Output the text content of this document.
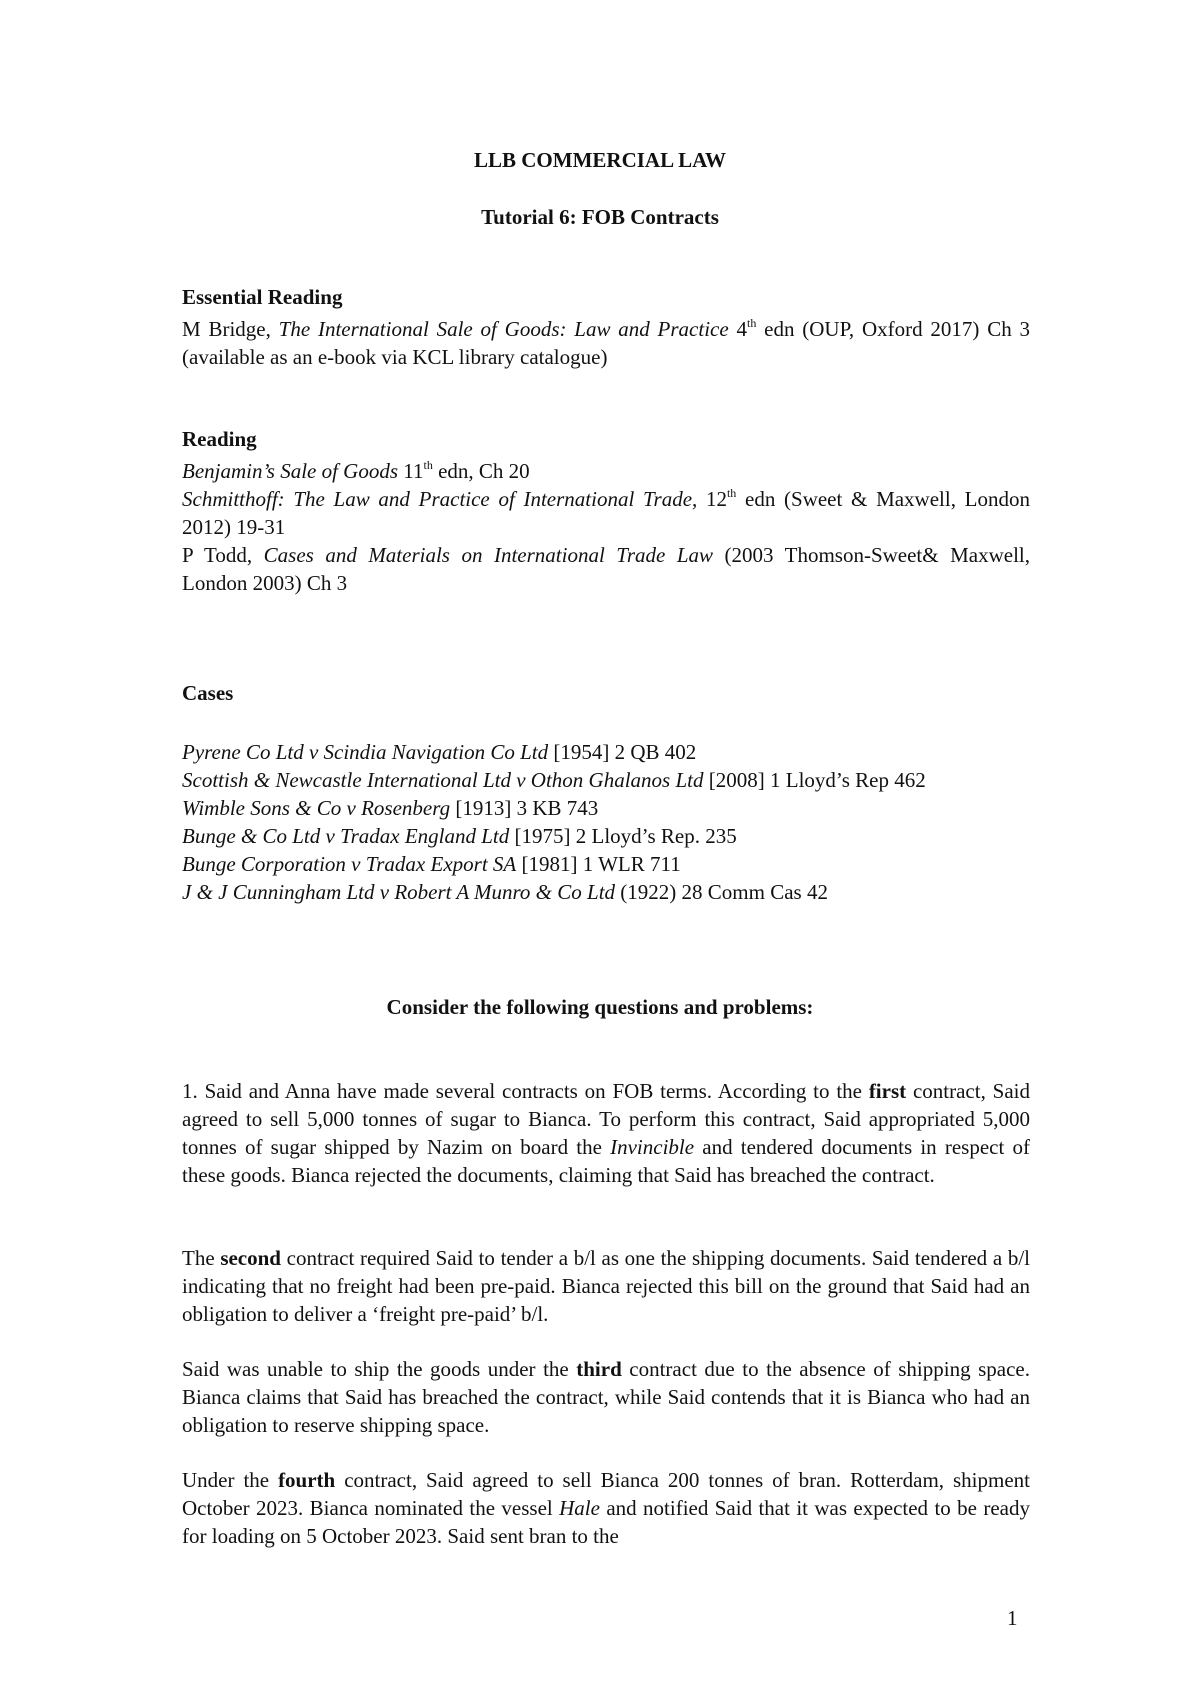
LLB COMMERCIAL LAW
Tutorial 6: FOB Contracts
Essential Reading
M Bridge, The International Sale of Goods: Law and Practice 4th edn (OUP, Oxford 2017) Ch 3 (available as an e-book via KCL library catalogue)
Reading
Benjamin’s Sale of Goods 11th edn, Ch 20
Schmitthoff: The Law and Practice of International Trade, 12th edn (Sweet & Maxwell, London 2012) 19-31
P Todd, Cases and Materials on International Trade Law (2003 Thomson-Sweet& Maxwell, London 2003) Ch 3
Cases
Pyrene Co Ltd v Scindia Navigation Co Ltd [1954] 2 QB 402
Scottish & Newcastle International Ltd v Othon Ghalanos Ltd [2008] 1 Lloyd’s Rep 462
Wimble Sons & Co v Rosenberg [1913] 3 KB 743
Bunge & Co Ltd v Tradax England Ltd [1975] 2 Lloyd’s Rep. 235
Bunge Corporation v Tradax Export SA [1981] 1 WLR 711
J & J Cunningham Ltd v Robert A Munro & Co Ltd (1922) 28 Comm Cas 42
Consider the following questions and problems:
1. Said and Anna have made several contracts on FOB terms. According to the first contract, Said agreed to sell 5,000 tonnes of sugar to Bianca. To perform this contract, Said appropriated 5,000 tonnes of sugar shipped by Nazim on board the Invincible and tendered documents in respect of these goods. Bianca rejected the documents, claiming that Said has breached the contract.
The second contract required Said to tender a b/l as one the shipping documents. Said tendered a b/l indicating that no freight had been pre-paid. Bianca rejected this bill on the ground that Said had an obligation to deliver a ‘freight pre-paid’ b/l.
Said was unable to ship the goods under the third contract due to the absence of shipping space. Bianca claims that Said has breached the contract, while Said contends that it is Bianca who had an obligation to reserve shipping space.
Under the fourth contract, Said agreed to sell Bianca 200 tonnes of bran. Rotterdam, shipment October 2023. Bianca nominated the vessel Hale and notified Said that it was expected to be ready for loading on 5 October 2023. Said sent bran to the
1
